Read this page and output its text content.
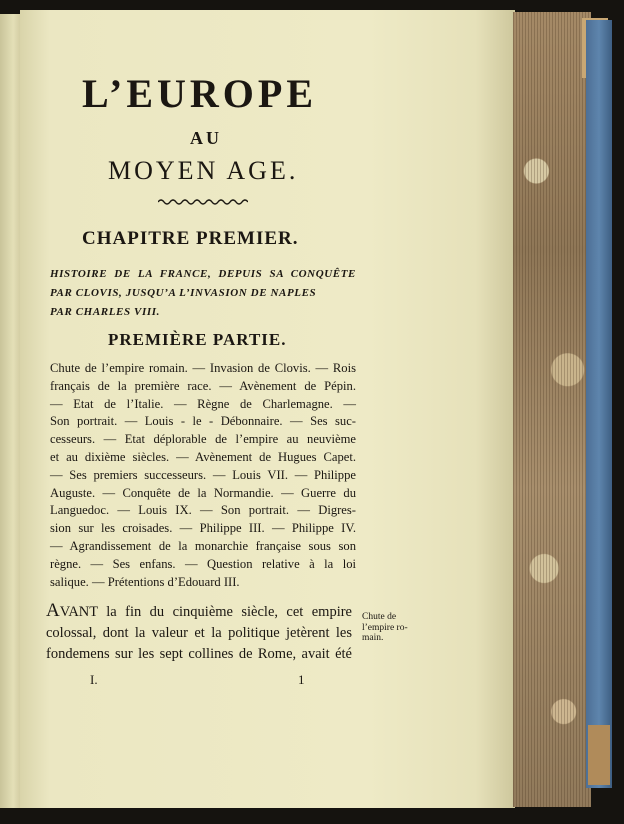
L’EUROPE
AU
MOYEN AGE.
CHAPITRE PREMIER.
HISTOIRE DE LA FRANCE, DEPUIS SA CONQUÊTE
PAR CLOVIS, JUSQU’A L’INVASION DE NAPLES
PAR CHARLES VIII.
PREMIÈRE PARTIE.
Chute de l’empire romain. — Invasion de Clovis. — Rois
français de la première race. — Avènement de Pépin.
— Etat de l’Italie. — Règne de Charlemagne. —
Son portrait. — Louis - le - Débonnaire. — Ses suc-
cesseurs. — Etat déplorable de l’empire au neuvième
et au dixième siècles. — Avènement de Hugues Capet.
— Ses premiers successeurs. — Louis VII. — Philippe
Auguste. — Conquête de la Normandie. — Guerre du
Languedoc. — Louis IX. — Son portrait. — Digres-
sion sur les croisades. — Philippe III. — Philippe IV.
— Agrandissement de la monarchie française sous son
règne. — Ses enfans. — Question relative à la loi
salique. — Prétentions d’Edouard III.
AVANT la fin du cinquième siècle, cet empire
colossal, dont la valeur et la politique jetèrent les
fondemens sur les sept collines de Rome, avait été
Chute de l’empire ro- main.
I.	1
